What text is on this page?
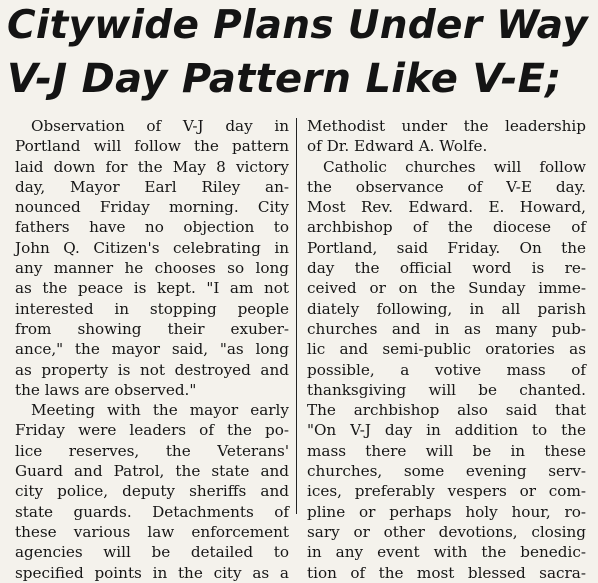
Citywide Plans Under Way
V-J Day Pattern Like V-E;
Observation of V-J day in
Portland will follow the pattern
laid down for the May 8 victory
day, Mayor Earl Riley an-
nounced Friday morning. City
fathers have no objection to
John Q. Citizen's celebrating in
any manner he chooses so long
as the peace is kept. "I am not
interested in stopping people
from showing their exuber-
ance," the mayor said, "as long
as property is not destroyed and
the laws are observed."
Meeting with the mayor early
Friday were leaders of the po-
lice reserves, the Veterans'
Guard and Patrol, the state and
city police, deputy sheriffs and
state guards. Detachments of
these various law enforcement
agencies will be detailed to
specified points in the city as a
Methodist under the leadership
of Dr. Edward A. Wolfe.
Catholic churches will follow
the observance of V-E day.
Most Rev. Edward. E. Howard,
archbishop of the diocese of
Portland, said Friday. On the
day the official word is re-
ceived or on the Sunday imme-
diately following, in all parish
churches and in as many pub-
lic and semi-public oratories as
possible, a votive mass of
thanksgiving will be chanted.
The archbishop also said that
"On V-J day in addition to the
mass there will be in these
churches, some evening serv-
ices, preferably vespers or com-
pline or perhaps holy hour, ro-
sary or other devotions, closing
in any event with the benedic-
tion of the most blessed sacra-
